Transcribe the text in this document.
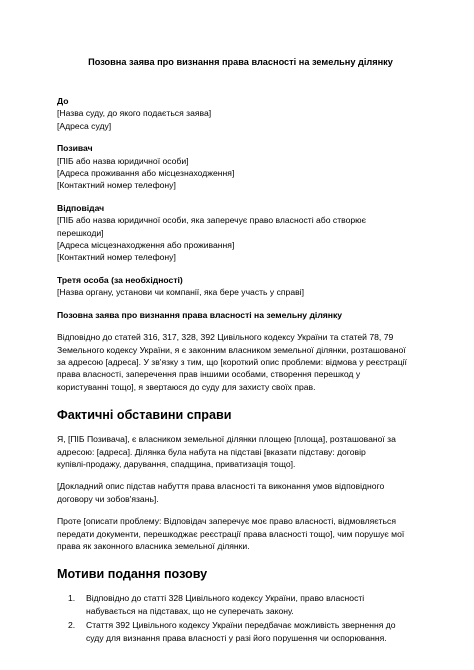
Позовна заява про визнання права власності на земельну ділянку
До
[Назва суду, до якого подається заява]
[Адреса суду]
Позивач
[ПІБ або назва юридичної особи]
[Адреса проживання або місцезнаходження]
[Контактний номер телефону]
Відповідач
[ПІБ або назва юридичної особи, яка заперечує право власності або створює
перешкоди]
[Адреса місцезнаходження або проживання]
[Контактний номер телефону]
Третя особа (за необхідності)
[Назва органу, установи чи компанії, яка бере участь у справі]
Позовна заява про визнання права власності на земельну ділянку
Відповідно до статей 316, 317, 328, 392 Цивільного кодексу України та статей 78, 79
Земельного кодексу України, я є законним власником земельної ділянки, розташованої
за адресою [адреса]. У зв'язку з тим, що [короткий опис проблеми: відмова у реєстрації
права власності, заперечення прав іншими особами, створення перешкод у
користуванні тощо], я звертаюся до суду для захисту своїх прав.
Фактичні обставини справи
Я, [ПІБ Позивача], є власником земельної ділянки площею [площа], розташованої за
адресою: [адреса]. Ділянка була набута на підставі [вказати підставу: договір
купівлі-продажу, дарування, спадщина, приватизація тощо].
[Докладний опис підстав набуття права власності та виконання умов відповідного
договору чи зобов'язань].
Проте [описати проблему: Відповідач заперечує моє право власності, відмовляється
передати документи, перешкоджає реєстрації права власності тощо], чим порушує мої
права як законного власника земельної ділянки.
Мотиви подання позову
1. Відповідно до статті 328 Цивільного кодексу України, право власності
набувається на підставах, що не суперечать закону.
2. Стаття 392 Цивільного кодексу України передбачає можливість звернення до
суду для визнання права власності у разі його порушення чи оспорювання.
